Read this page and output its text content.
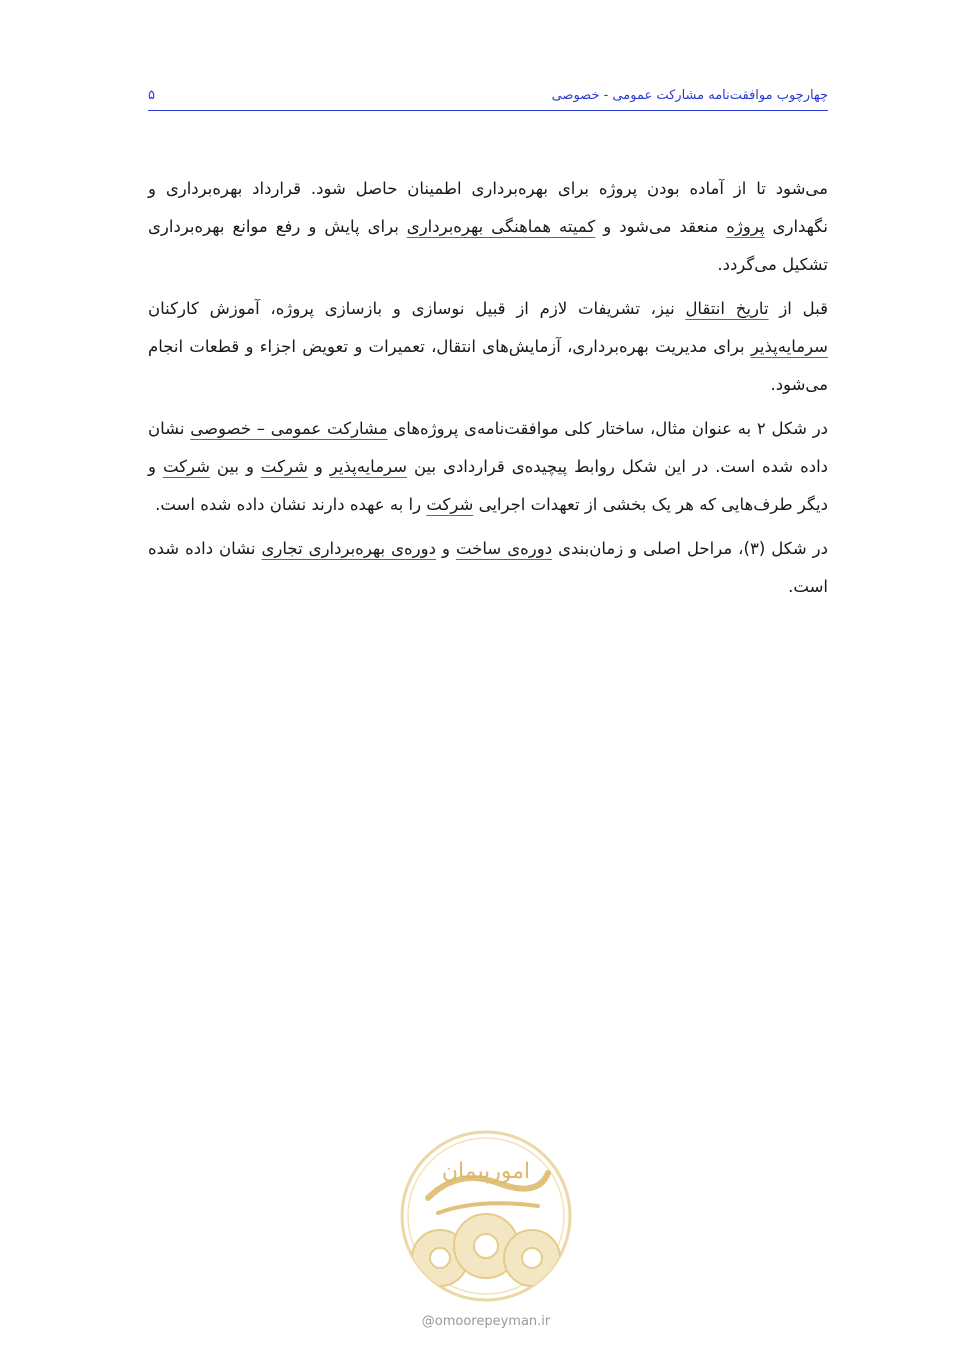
چهارچوب موافقت‌نامه مشارکت عمومی - خصوصی
۵

می‌شود تا از آماده بودن پروژه برای بهره‌برداری اطمینان حاصل شود. قرارداد بهره‌برداری و نگهداری پروژه منعقد می‌شود و کمیته هماهنگی بهره‌برداری برای پایش و رفع موانع بهره‌برداری تشکیل می‌گردد.

قبل از تاریخ انتقال نیز، تشریفات لازم از قبیل نوسازی و بازسازی پروژه، آموزش کارکنان سرمایه‌پذیر برای مدیریت بهره‌برداری، آزمایش‌های انتقال، تعمیرات و تعویض اجزاء و قطعات انجام می‌شود.

در شکل ۲ به عنوان مثال، ساختار کلی موافقت‌نامه‌ی پروژه‌های مشارکت عمومی – خصوصی نشان داده شده است. در این شکل روابط پیچیده‌ی قراردادی بین سرمایه‌پذیر و شرکت و بین شرکت و دیگر طرف‌هایی که هر یک بخشی از تعهدات اجرایی شرکت را به عهده دارند نشان داده شده است.

در شکل (۳)، مراحل اصلی و زمان‌بندی دوره‌ی ساخت و دوره‌ی بهره‌برداری تجاری نشان داده شده است.

امورپیمان
@omoorepeyman.ir
